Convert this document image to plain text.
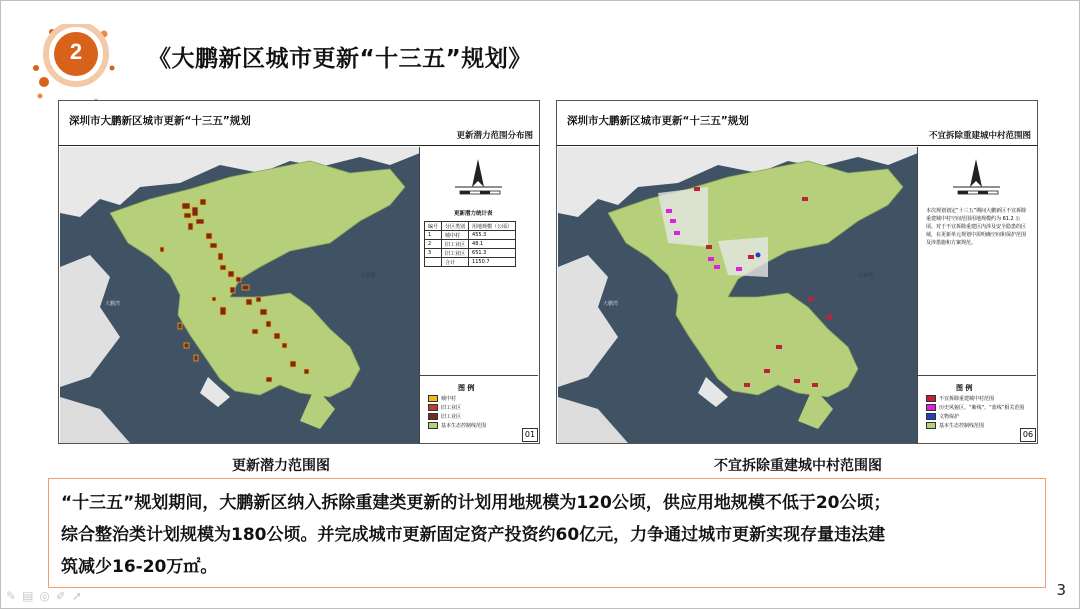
2	《大鹏新区城市更新“十三五”规划》
深圳市大鹏新区城市更新“十三五”规划
更新潜力范围分布图
大鹏湾
大亚湾
更新潜力统计表
编号	分区类别	用地规模（公顷）
1	城中村	455.3
2	旧工业区	48.1
3	旧工业区	651.3
	合计	1150.7
图 例
城中村
旧工业区
旧工业区
基本生态控制线范围
01
深圳市大鹏新区城市更新“十三五”规划
不宜拆除重建城中村范围图
大鹏湾
大亚湾
本次规划划定“十三五”期间大鹏新区不宜拆除重建城中村空间范围用地规模约为 61.2 公顷。对于不宜拆除重建区内涉及安全隐患的区域，在更新单元规划中需明确空间和保护范围及涉措施和方案规范。
图 例
不宜拆除重建城中村范围
历史风貌区、“紫线”、“蓝线”相关范围
文物保护
基本生态控制线范围
06
更新潜力范围图	不宜拆除重建城中村范围图
“十三五”规划期间，大鹏新区纳入拆除重建类更新的计划用地规模为120公顷，供应用地规模不低于20公顷；
综合整治类计划规模为180公顷。并完成城市更新固定资产投资约60亿元，力争通过城市更新实现存量违法建
筑减少16-20万㎡。
✎ ▤ ◎ ✐ ➚	3
